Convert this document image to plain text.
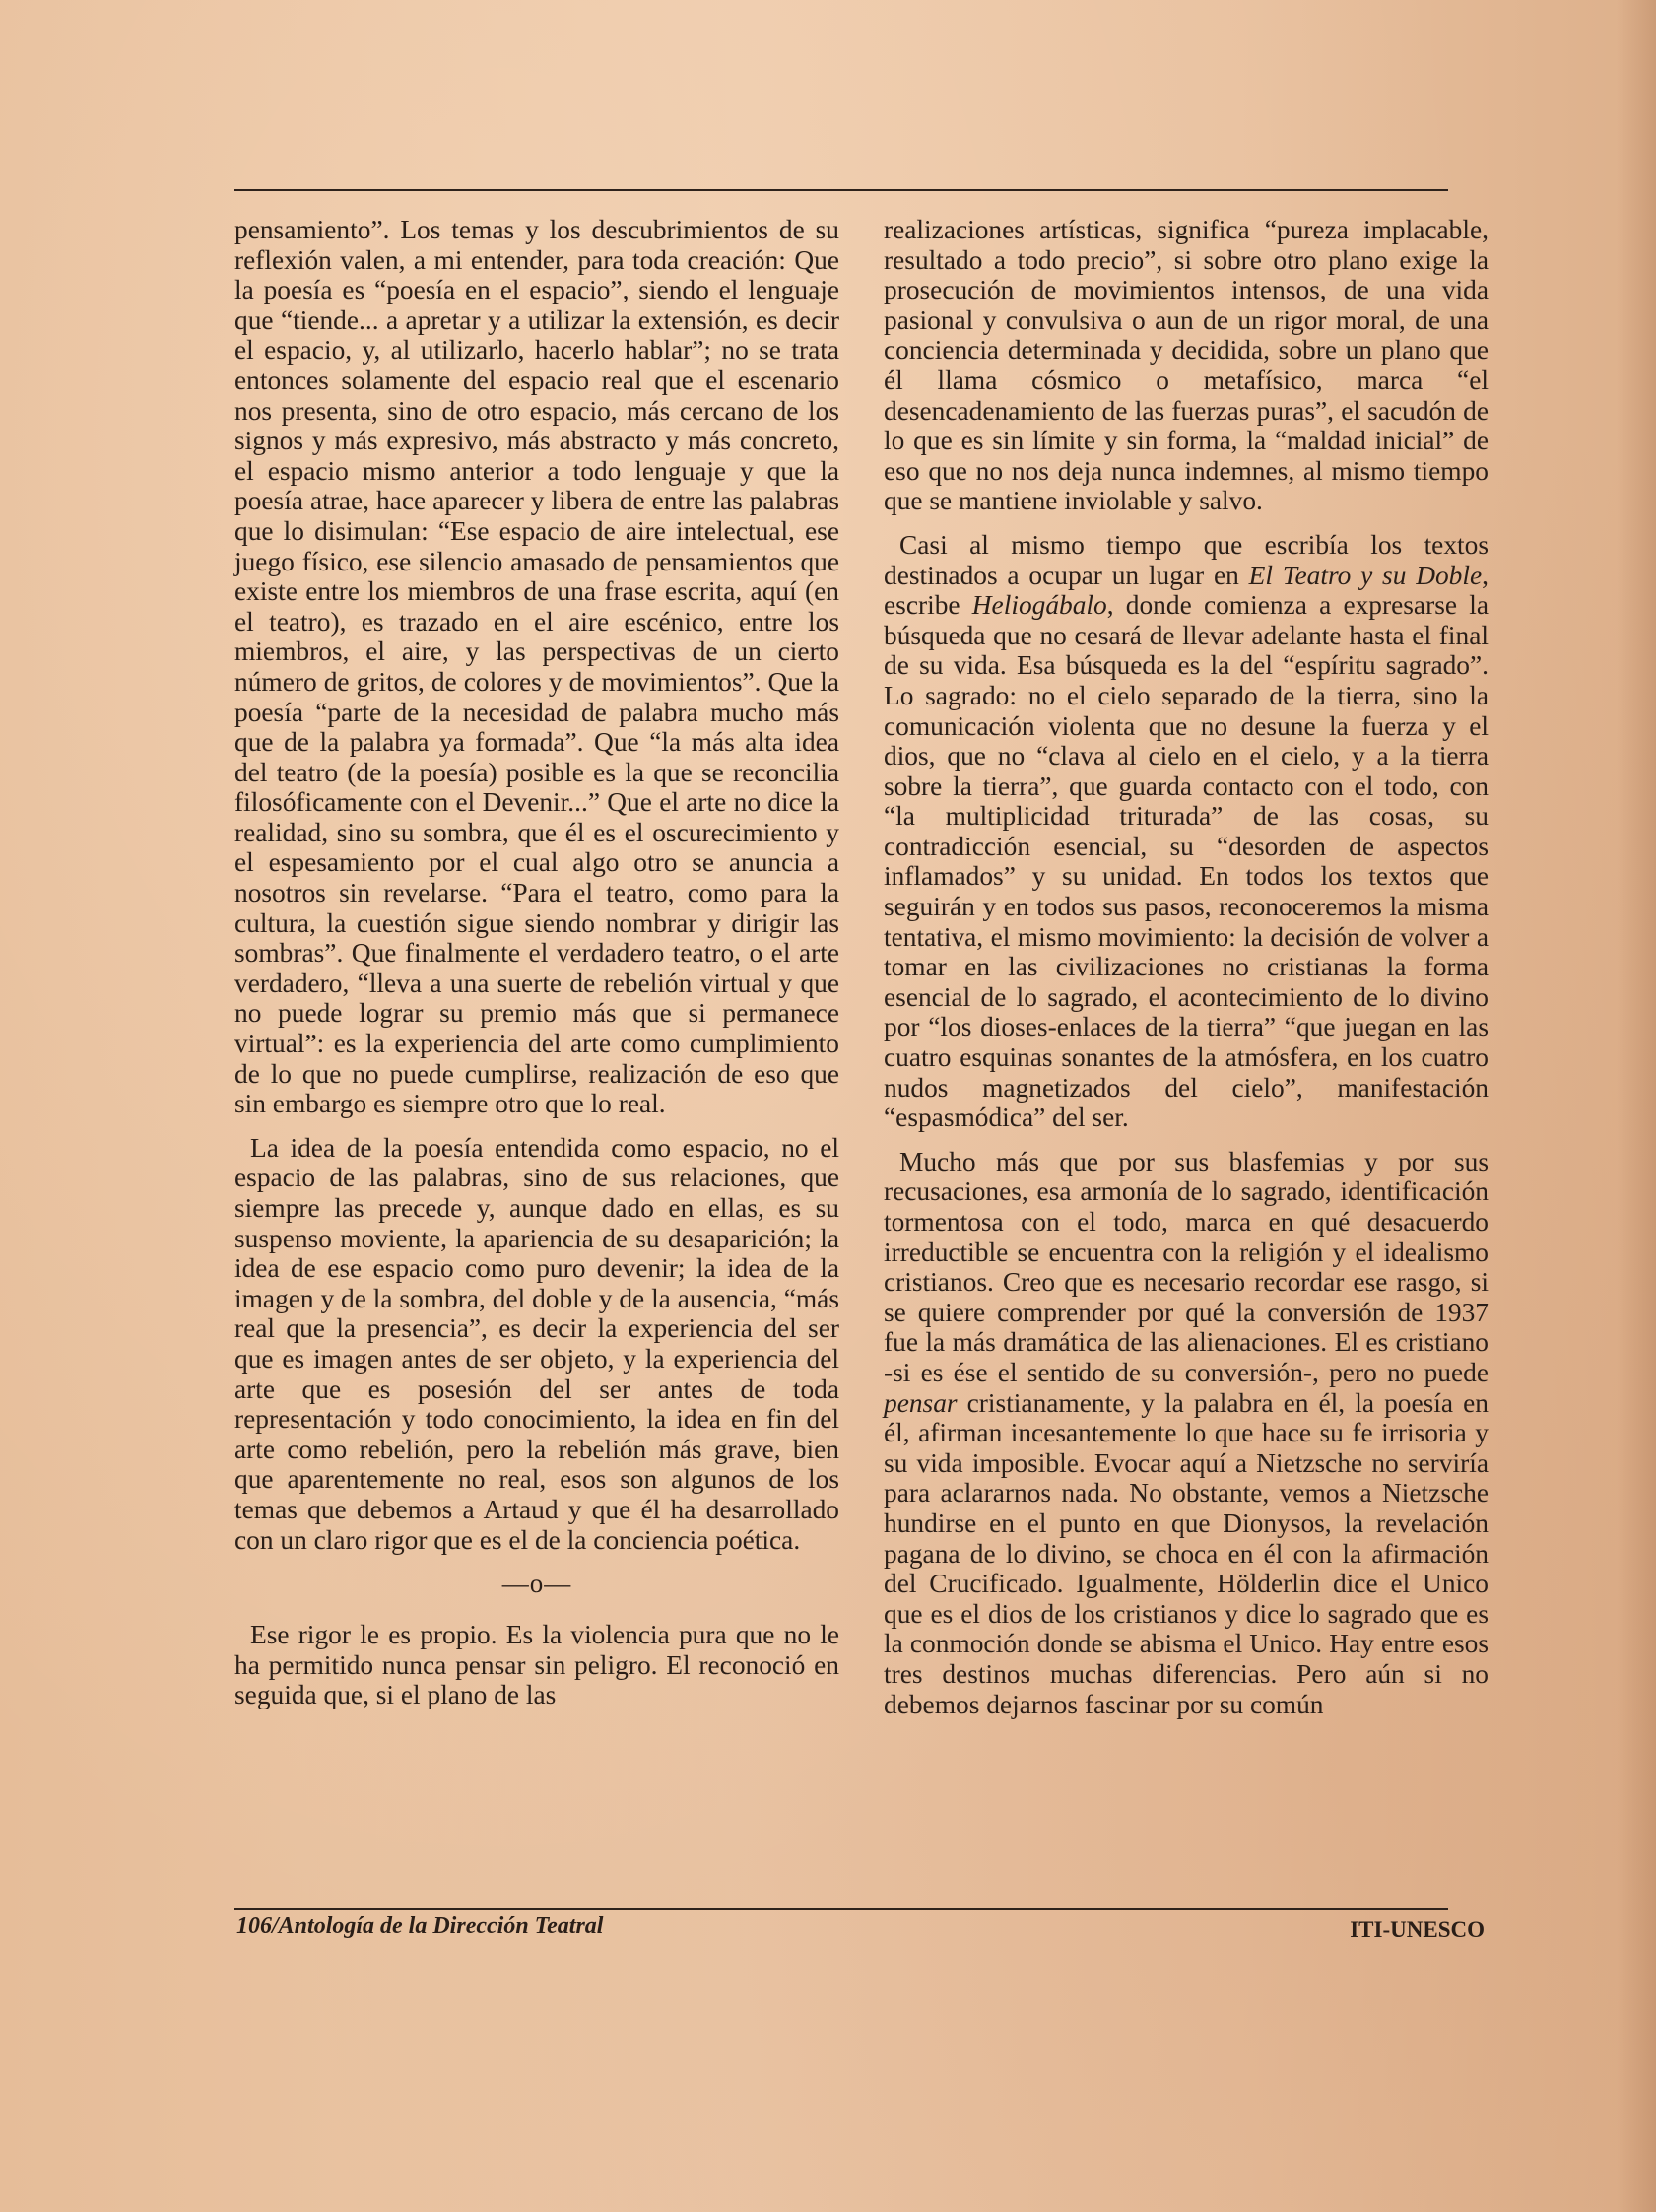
pensamiento”. Los temas y los descubrimientos de su reflexión valen, a mi entender, para toda creación: Que la poesía es “poesía en el espacio”, siendo el lenguaje que “tiende... a apretar y a utilizar la extensión, es decir el espacio, y, al utilizarlo, hacerlo hablar”; no se trata entonces solamente del espacio real que el escenario nos presenta, sino de otro espacio, más cercano de los signos y más expresivo, más abstracto y más concreto, el espacio mismo anterior a todo lenguaje y que la poesía atrae, hace aparecer y libera de entre las palabras que lo disimulan: “Ese espacio de aire intelectual, ese juego físico, ese silencio amasado de pensamientos que existe entre los miembros de una frase escrita, aquí (en el teatro), es trazado en el aire escénico, entre los miembros, el aire, y las perspectivas de un cierto número de gritos, de colores y de movimientos”. Que la poesía “parte de la necesidad de palabra mucho más que de la palabra ya formada”. Que “la más alta idea del teatro (de la poesía) posible es la que se reconcilia filosóficamente con el Devenir...” Que el arte no dice la realidad, sino su sombra, que él es el oscurecimiento y el espesamiento por el cual algo otro se anuncia a nosotros sin revelarse. “Para el teatro, como para la cultura, la cuestión sigue siendo nombrar y dirigir las sombras”. Que finalmente el verdadero teatro, o el arte verdadero, “lleva a una suerte de rebelión virtual y que no puede lograr su premio más que si permanece virtual”: es la experiencia del arte como cumplimiento de lo que no puede cumplirse, realización de eso que sin embargo es siempre otro que lo real.

La idea de la poesía entendida como espacio, no el espacio de las palabras, sino de sus relaciones, que siempre las precede y, aunque dado en ellas, es su suspenso moviente, la apariencia de su desaparición; la idea de ese espacio como puro devenir; la idea de la imagen y de la sombra, del doble y de la ausencia, “más real que la presencia”, es decir la experiencia del ser que es imagen antes de ser objeto, y la experiencia del arte que es posesión del ser antes de toda representación y todo conocimiento, la idea en fin del arte como rebelión, pero la rebelión más grave, bien que aparentemente no real, esos son algunos de los temas que debemos a Artaud y que él ha desarrollado con un claro rigor que es el de la conciencia poética.

—o—

Ese rigor le es propio. Es la violencia pura que no le ha permitido nunca pensar sin peligro. El reconoció en seguida que, si el plano de las

realizaciones artísticas, significa “pureza implacable, resultado a todo precio”, si sobre otro plano exige la prosecución de movimientos intensos, de una vida pasional y convulsiva o aun de un rigor moral, de una conciencia determinada y decidida, sobre un plano que él llama cósmico o metafísico, marca “el desencadenamiento de las fuerzas puras”, el sacudón de lo que es sin límite y sin forma, la “maldad inicial” de eso que no nos deja nunca indemnes, al mismo tiempo que se mantiene inviolable y salvo.

Casi al mismo tiempo que escribía los textos destinados a ocupar un lugar en El Teatro y su Doble, escribe Heliogábalo, donde comienza a expresarse la búsqueda que no cesará de llevar adelante hasta el final de su vida. Esa búsqueda es la del “espíritu sagrado”. Lo sagrado: no el cielo separado de la tierra, sino la comunicación violenta que no desune la fuerza y el dios, que no “clava al cielo en el cielo, y a la tierra sobre la tierra”, que guarda contacto con el todo, con “la multiplicidad triturada” de las cosas, su contradicción esencial, su “desorden de aspectos inflamados” y su unidad. En todos los textos que seguirán y en todos sus pasos, reconoceremos la misma tentativa, el mismo movimiento: la decisión de volver a tomar en las civilizaciones no cristianas la forma esencial de lo sagrado, el acontecimiento de lo divino por “los dioses-enlaces de la tierra” “que juegan en las cuatro esquinas sonantes de la atmósfera, en los cuatro nudos magnetizados del cielo”, manifestación “espasmódica” del ser.

Mucho más que por sus blasfemias y por sus recusaciones, esa armonía de lo sagrado, identificación tormentosa con el todo, marca en qué desacuerdo irreductible se encuentra con la religión y el idealismo cristianos. Creo que es necesario recordar ese rasgo, si se quiere comprender por qué la conversión de 1937 fue la más dramática de las alienaciones. El es cristiano -si es ése el sentido de su conversión-, pero no puede pensar cristianamente, y la palabra en él, la poesía en él, afirman incesantemente lo que hace su fe irrisoria y su vida imposible. Evocar aquí a Nietzsche no serviría para aclararnos nada. No obstante, vemos a Nietzsche hundirse en el punto en que Dionysos, la revelación pagana de lo divino, se choca en él con la afirmación del Crucificado. Igualmente, Hölderlin dice el Unico que es el dios de los cristianos y dice lo sagrado que es la conmoción donde se abisma el Unico. Hay entre esos tres destinos muchas diferencias. Pero aún si no debemos dejarnos fascinar por su común

106/Antología de la Dirección Teatral	ITI-UNESCO
